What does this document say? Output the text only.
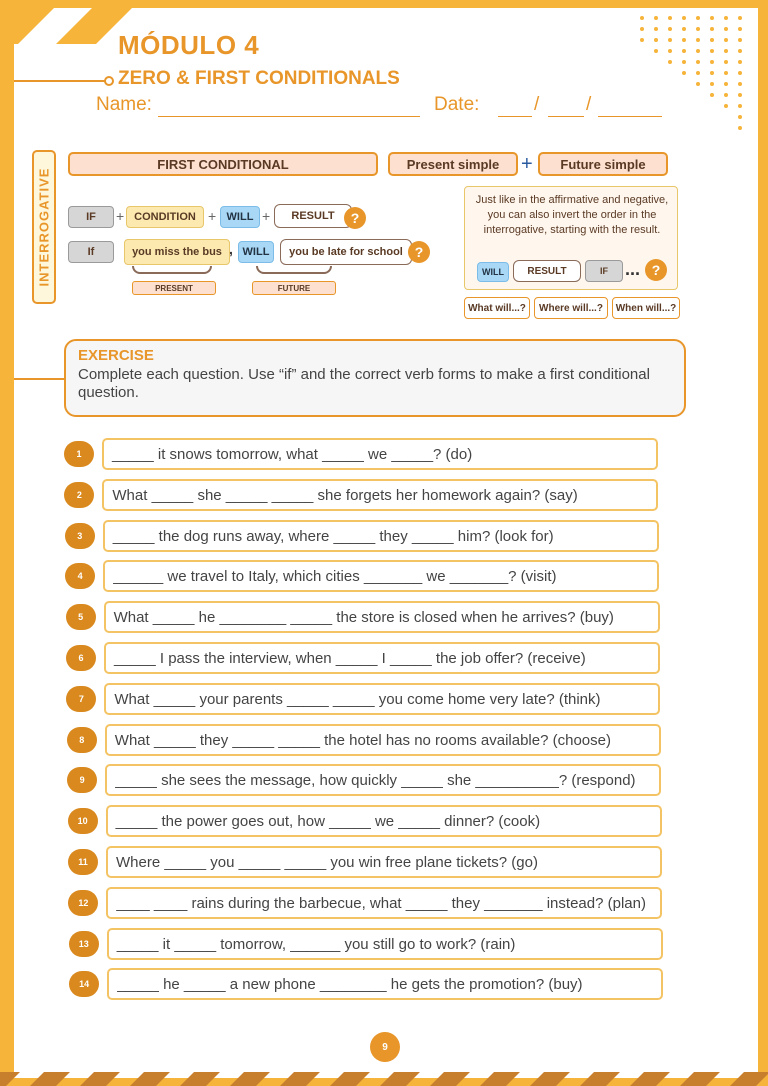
MÓDULO 4
ZERO & FIRST CONDITIONALS
Name:	Date:	/ /
INTERROGATIVE
FIRST CONDITIONAL	Present simple	+	Future simple
IF	+ CONDITION + WILL +	RESULT	?
If	you miss the bus , WILL	you be late for school ?
PRESENT	FUTURE
Just like in the affirmative and negative, you can also invert the order in the interrogative, starting with the result.
WILL	RESULT	IF ... ?
What will...?	Where will...?	When will...?
EXERCISE
Complete each question. Use “if” and the correct verb forms to make a first conditional question.
1	_____ it snows tomorrow, what _____ we _____? (do)
2	What _____ she _____ _____ she forgets her homework again? (say)
3	_____ the dog runs away, where _____ they _____ him? (look for)
4	______ we travel to Italy, which cities _______ we _______? (visit)
5	What _____ he ________ _____ the store is closed when he arrives? (buy)
6	_____ I pass the interview, when _____ I _____ the job offer? (receive)
7	What _____ your parents _____ _____ you come home very late? (think)
8	What _____ they _____ _____ the hotel has no rooms available? (choose)
9	_____ she sees the message, how quickly _____ she __________? (respond)
10	_____ the power goes out, how _____ we _____ dinner? (cook)
11	Where _____ you _____ _____ you win free plane tickets? (go)
12	____ ____ rains during the barbecue, what _____ they _______ instead? (plan)
13	_____ it _____ tomorrow, ______ you still go to work? (rain)
14	_____ he _____ a new phone ________ he gets the promotion? (buy)
9
